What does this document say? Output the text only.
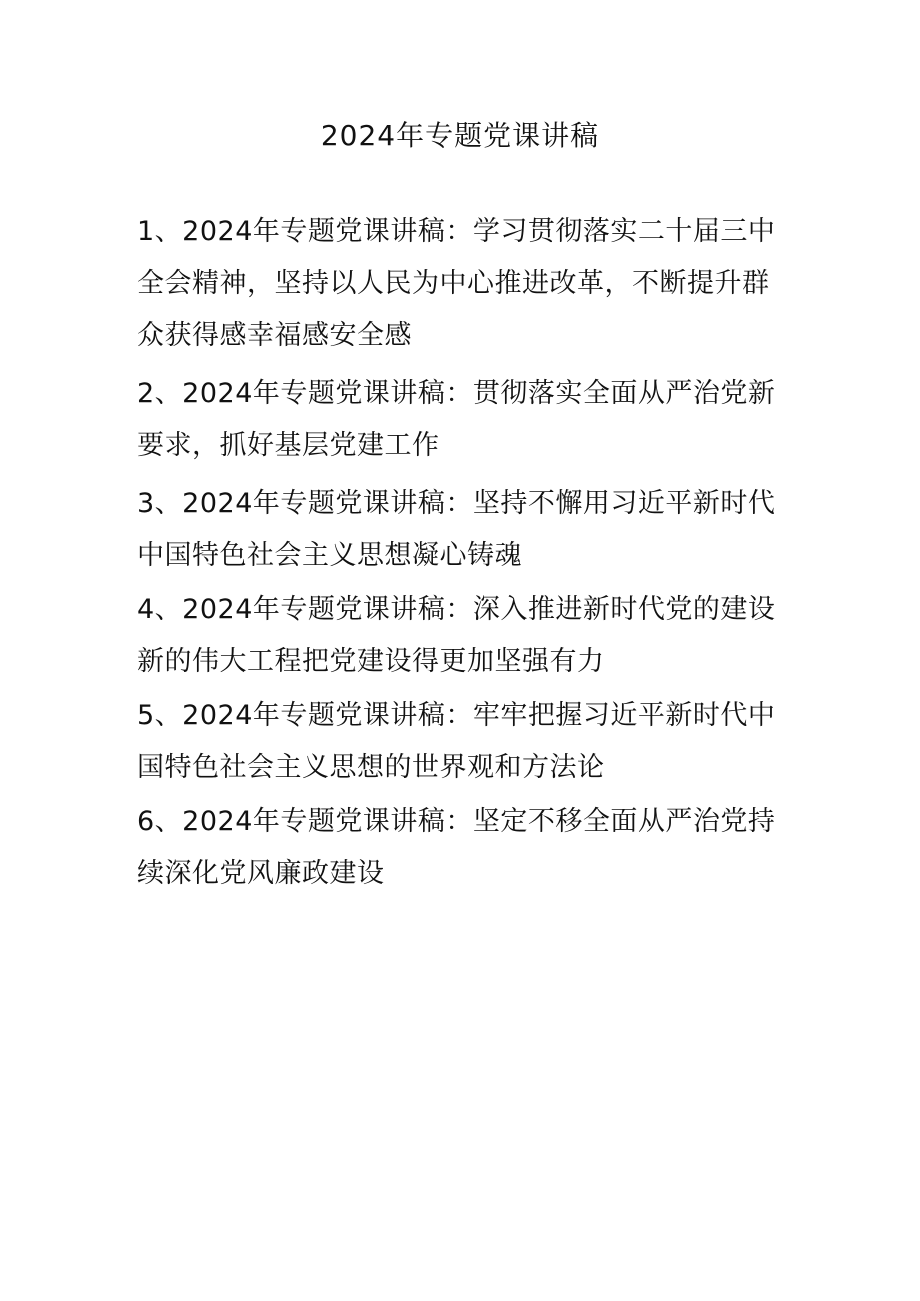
2024年专题党课讲稿
1、2024年专题党课讲稿：学习贯彻落实二十届三中全会精神，坚持以人民为中心推进改革，不断提升群众获得感幸福感安全感
2、2024年专题党课讲稿：贯彻落实全面从严治党新要求，抓好基层党建工作
3、2024年专题党课讲稿：坚持不懈用习近平新时代中国特色社会主义思想凝心铸魂
4、2024年专题党课讲稿：深入推进新时代党的建设新的伟大工程把党建设得更加坚强有力
5、2024年专题党课讲稿：牢牢把握习近平新时代中国特色社会主义思想的世界观和方法论
6、2024年专题党课讲稿：坚定不移全面从严治党持续深化党风廉政建设
